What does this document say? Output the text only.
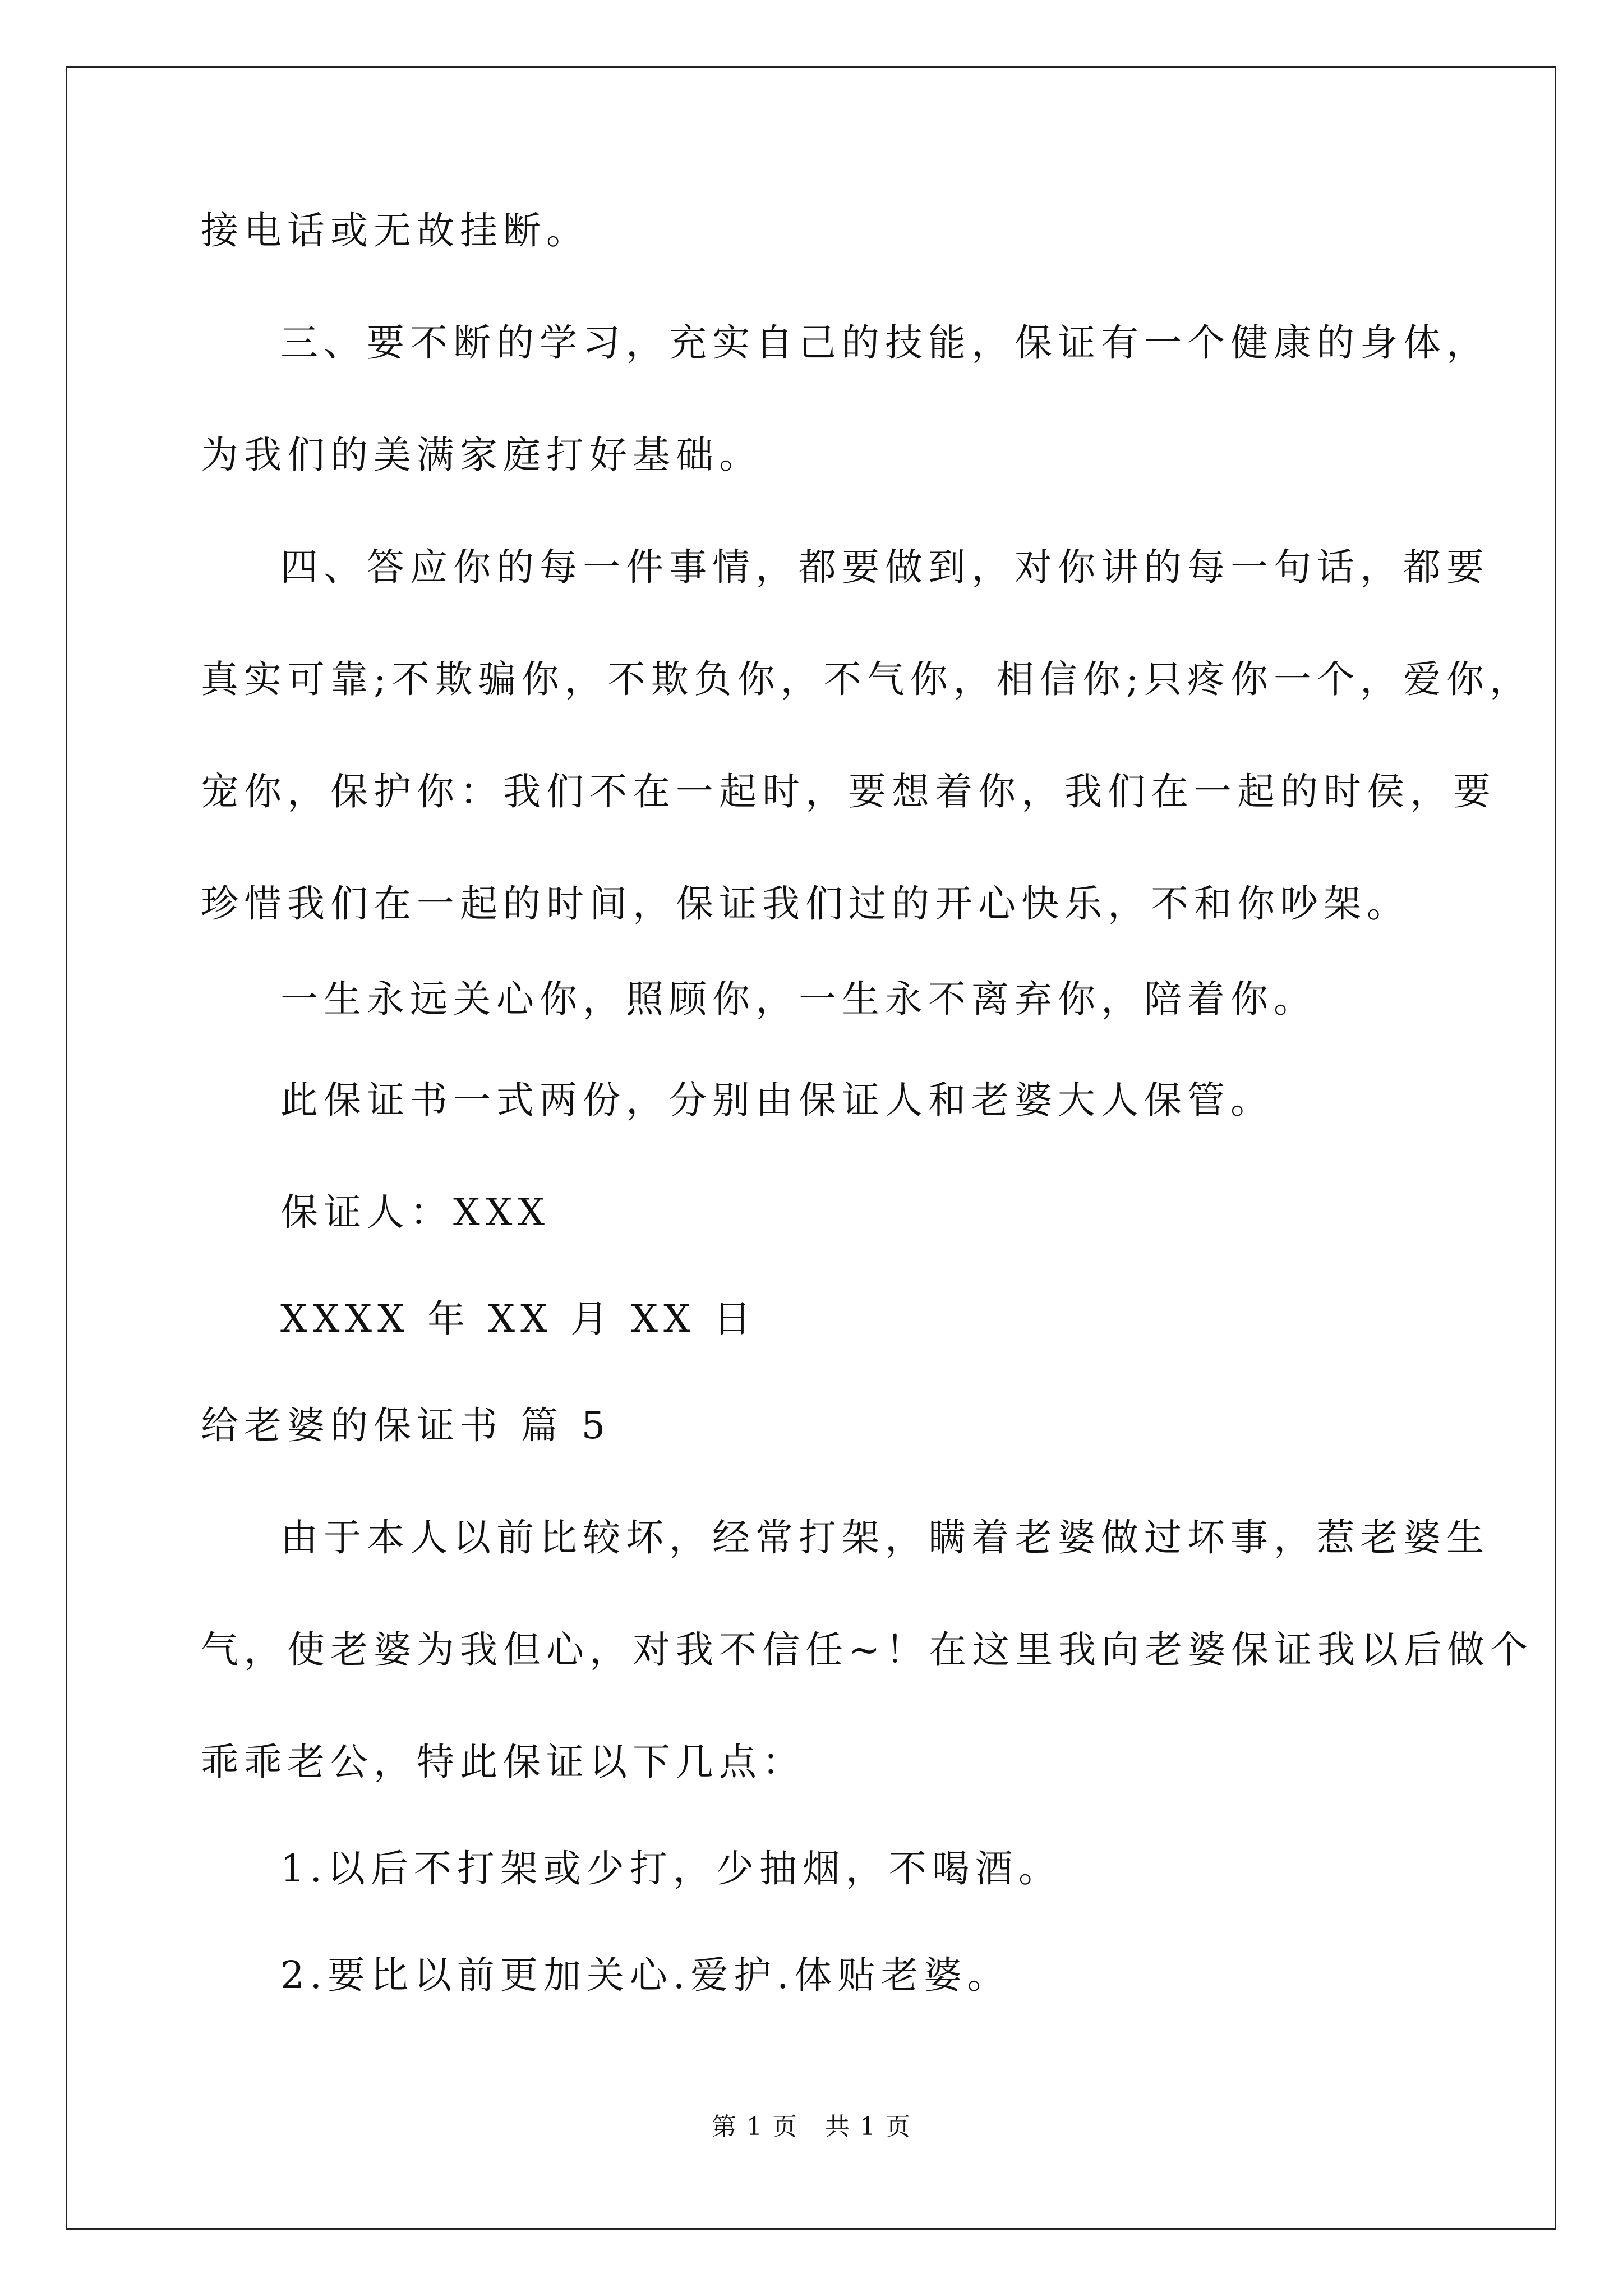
接电话或无故挂断。

三、要不断的学习，充实自己的技能，保证有一个健康的身体，

为我们的美满家庭打好基础。

四、答应你的每一件事情，都要做到，对你讲的每一句话，都要

真实可靠;不欺骗你，不欺负你，不气你，相信你;只疼你一个，爱你，

宠你，保护你：我们不在一起时，要想着你，我们在一起的时侯，要

珍惜我们在一起的时间，保证我们过的开心快乐，不和你吵架。

一生永远关心你，照顾你，一生永不离弃你，陪着你。

此保证书一式两份，分别由保证人和老婆大人保管。

保证人：XXX

XXXX 年 XX 月 XX 日

给老婆的保证书 篇 5

由于本人以前比较坏，经常打架，瞒着老婆做过坏事，惹老婆生

气，使老婆为我但心，对我不信任~！在这里我向老婆保证我以后做个

乖乖老公，特此保证以下几点：

1.以后不打架或少打，少抽烟，不喝酒。

2.要比以前更加关心.爱护.体贴老婆。

第 1 页   共 1 页
